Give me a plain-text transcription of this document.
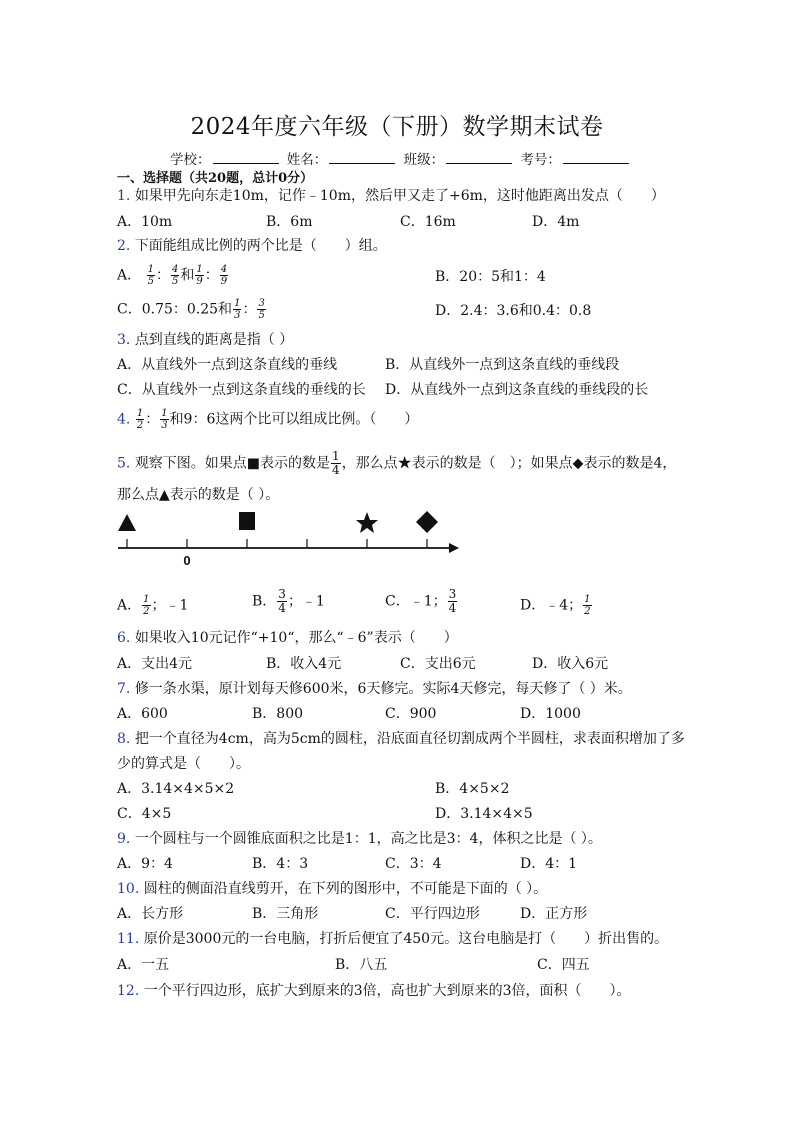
2024年度六年级（下册）数学期末试卷
学校：	姓名：	班级：	考号：
一、选择题（共20题，总计0分）
1. 如果甲先向东走10m，记作﹣10m，然后甲又走了+6m，这时他距离出发点（　　）
A．10m	B．6m	C．16m	D．4m
2. 下面能组成比例的两个比是（　　）组。
A． $\frac{1}{5}$ ： $\frac{4}{5}$ 和 $\frac{1}{9}$ ： $\frac{4}{9}$	B．20：5和1：4
C．0.75：0.25和 $\frac{1}{3}$ ： $\frac{3}{5}$	D．2.4：3.6和0.4：0.8
3. 点到直线的距离是指（ ）
A．从直线外一点到这条直线的垂线	B．从直线外一点到这条直线的垂线段
C．从直线外一点到这条直线的垂线的长 D．从直线外一点到这条直线的垂线段的长
4. $\frac{1}{2}$ ： $\frac{1}{3}$ 和9：6这两个比可以组成比例。（　　）
5. 观察下图。如果点■表示的数是 $\frac{1}{4}$ ，那么点★表示的数是（　）；如果点◆表示的数是4，
那么点▲表示的数是（ ）。
0
A． $\frac{1}{2}$ ；﹣1	B． $\frac{3}{4}$ ；﹣1	C．﹣1； $\frac{3}{4}$	D．﹣4； $\frac{1}{2}$
6. 如果收入10元记作“+10“，那么“﹣6”表示（　　）
A．支出4元	B．收入4元	C．支出6元	D．收入6元
7. 修一条水渠，原计划每天修600米，6天修完。实际4天修完，每天修了（ ）米。
A．600	B．800	C．900	D．1000
8. 把一个直径为4cm，高为5cm的圆柱，沿底面直径切割成两个半圆柱，求表面积增加了多
少的算式是（　　）。
A．3.14×4×5×2	B．4×5×2
C．4×5	D．3.14×4×5
9. 一个圆柱与一个圆锥底面积之比是1：1，高之比是3：4，体积之比是（ ）。
A．9：4	B．4：3	C．3：4	D．4：1
10. 圆柱的侧面沿直线剪开，在下列的图形中，不可能是下面的（ ）。
A．长方形	B．三角形	C．平行四边形	D．正方形
11. 原价是3000元的一台电脑，打折后便宜了450元。这台电脑是打（　　）折出售的。
A．一五	B．八五	C．四五
12. 一个平行四边形，底扩大到原来的3倍，高也扩大到原来的3倍，面积（　　）。
